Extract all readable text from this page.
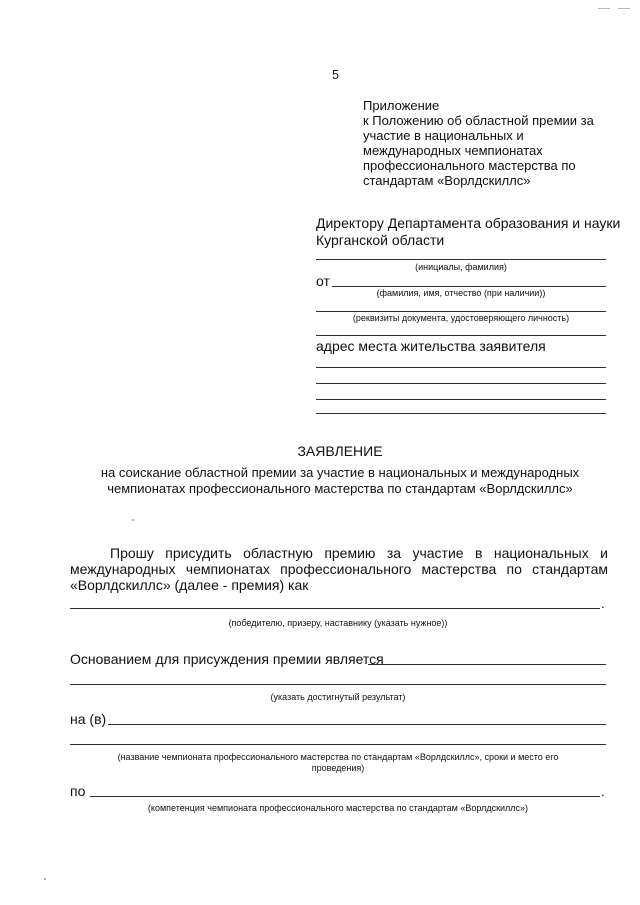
5
Приложение
к Положению об областной премии за
участие в национальных и
международных чемпионатах
профессионального мастерства по
стандартам «Ворлдскиллс»
Директору Департамента образования и науки
Курганской области
(инициалы, фамилия)
от
(фамилия, имя, отчество (при наличии))
(реквизиты документа, удостоверяющего личность)
адрес места жительства заявителя
ЗАЯВЛЕНИЕ
на соискание областной премии за участие в национальных и международных
чемпионатах профессионального мастерства по стандартам «Ворлдскиллс»
Прошу присудить областную премию за участие в национальных и
международных чемпионатах профессионального мастерства по стандартам
«Ворлдскиллс» (далее - премия) как
.
(победителю, призеру, наставнику (указать нужное))
Основанием для присуждения премии является
(указать достигнутый результат)
на (в)
(название чемпионата профессионального мастерства по стандартам «Ворлдскиллс», сроки и место его
проведения)
по	.
(компетенция чемпионата профессионального мастерства по стандартам «Ворлдскиллс»)
